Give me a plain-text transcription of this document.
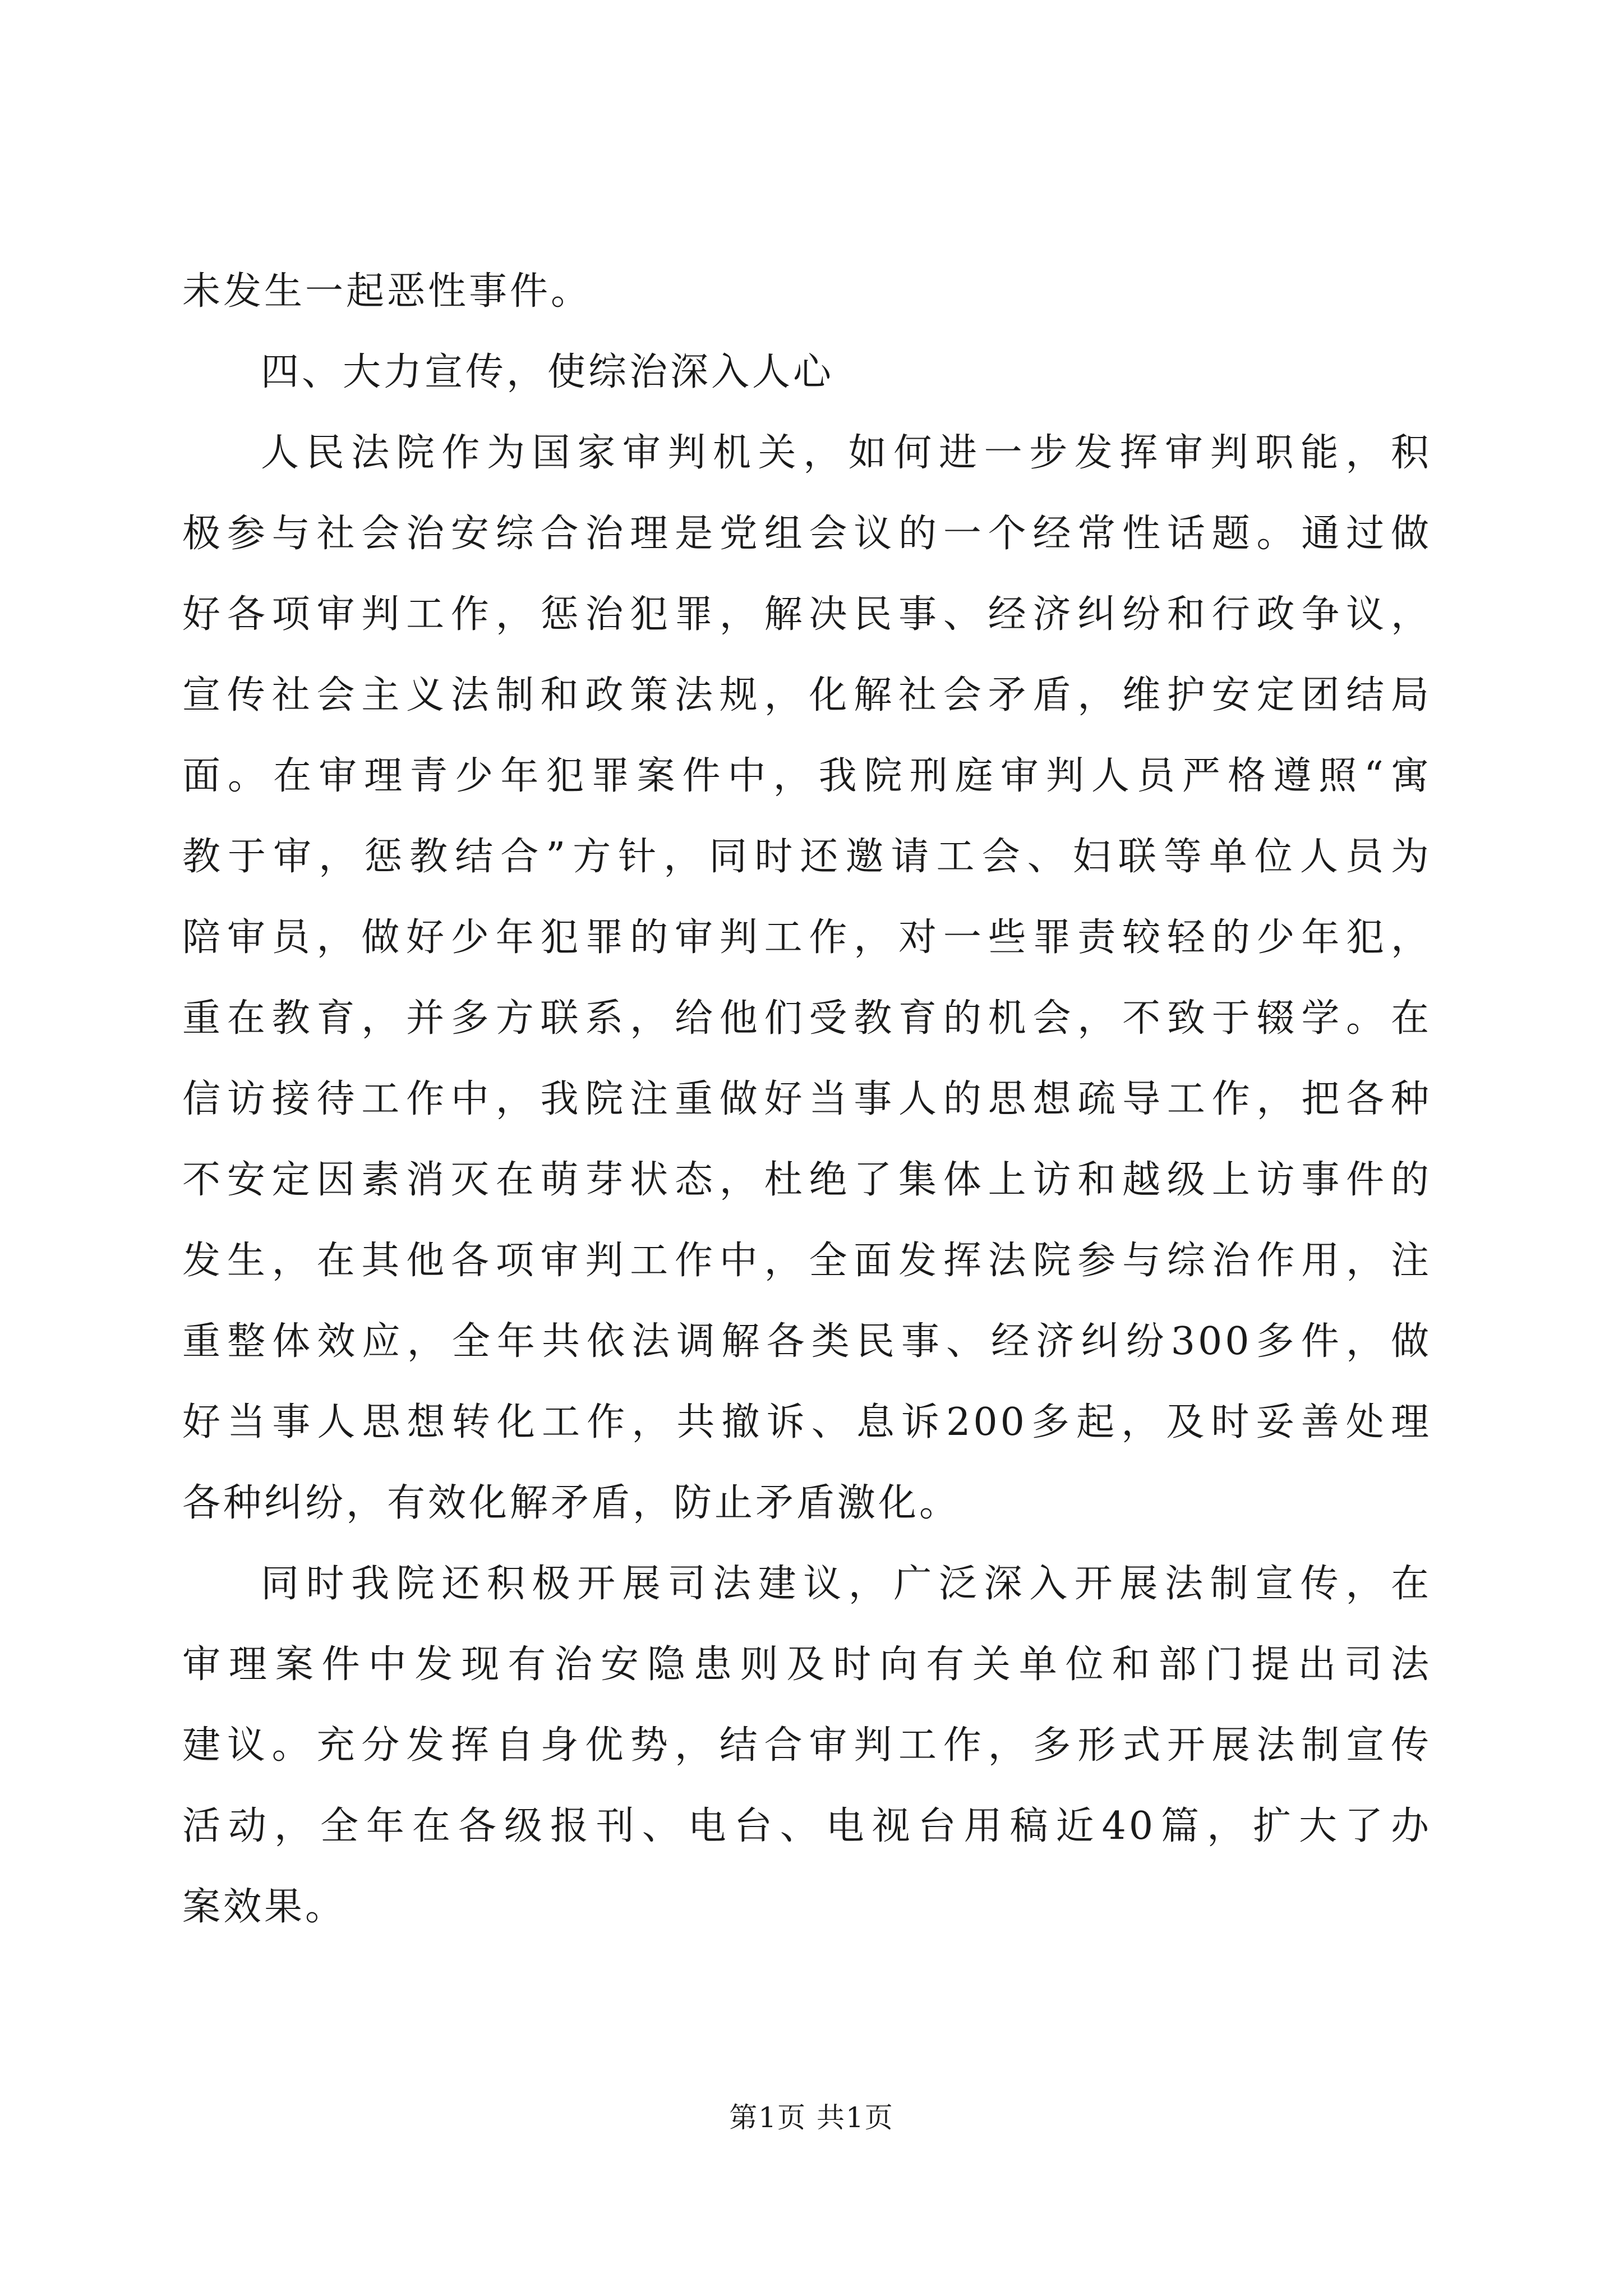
未发生一起恶性事件。
四、大力宣传，使综治深入人心
人民法院作为国家审判机关，如何进一步发挥审判职能，积
极参与社会治安综合治理是党组会议的一个经常性话题。通过做
好各项审判工作，惩治犯罪，解决民事、经济纠纷和行政争议，
宣传社会主义法制和政策法规，化解社会矛盾，维护安定团结局
面。在审理青少年犯罪案件中，我院刑庭审判人员严格遵照“寓
教于审，惩教结合”方针，同时还邀请工会、妇联等单位人员为
陪审员，做好少年犯罪的审判工作，对一些罪责较轻的少年犯，
重在教育，并多方联系，给他们受教育的机会，不致于辍学。在
信访接待工作中，我院注重做好当事人的思想疏导工作，把各种
不安定因素消灭在萌芽状态，杜绝了集体上访和越级上访事件的
发生，在其他各项审判工作中，全面发挥法院参与综治作用，注
重整体效应，全年共依法调解各类民事、经济纠纷300多件，做
好当事人思想转化工作，共撤诉、息诉200多起，及时妥善处理
各种纠纷，有效化解矛盾，防止矛盾激化。
同时我院还积极开展司法建议，广泛深入开展法制宣传，在
审理案件中发现有治安隐患则及时向有关单位和部门提出司法
建议。充分发挥自身优势，结合审判工作，多形式开展法制宣传
活动，全年在各级报刊、电台、电视台用稿近40篇，扩大了办
案效果。
第1页 共1页
